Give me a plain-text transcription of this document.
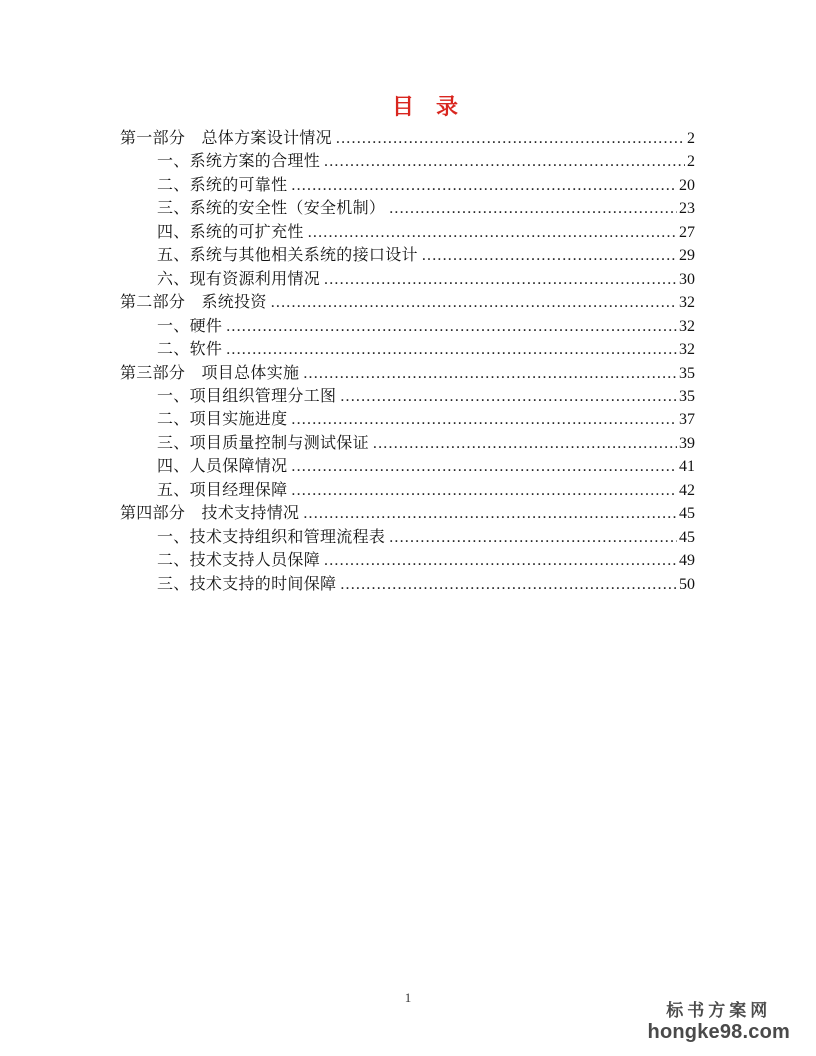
目　录
第一部分　总体方案设计情况 .....	2
一、系统方案的合理性 .....	2
二、系统的可靠性 .....	20
三、系统的安全性（安全机制） .....	23
四、系统的可扩充性 .....	27
五、系统与其他相关系统的接口设计 .....	29
六、现有资源利用情况 .....	30
第二部分　系统投资 .....	32
一、硬件 .....	32
二、软件 .....	32
第三部分　项目总体实施 .....	35
一、项目组织管理分工图 .....	35
二、项目实施进度 .....	37
三、项目质量控制与测试保证 .....	39
四、人员保障情况 .....	41
五、项目经理保障 .....	42
第四部分　技术支持情况 .....	45
一、技术支持组织和管理流程表 .....	45
二、技术支持人员保障 .....	49
三、技术支持的时间保障 .....	50
1
标书方案网
hongke98.com
